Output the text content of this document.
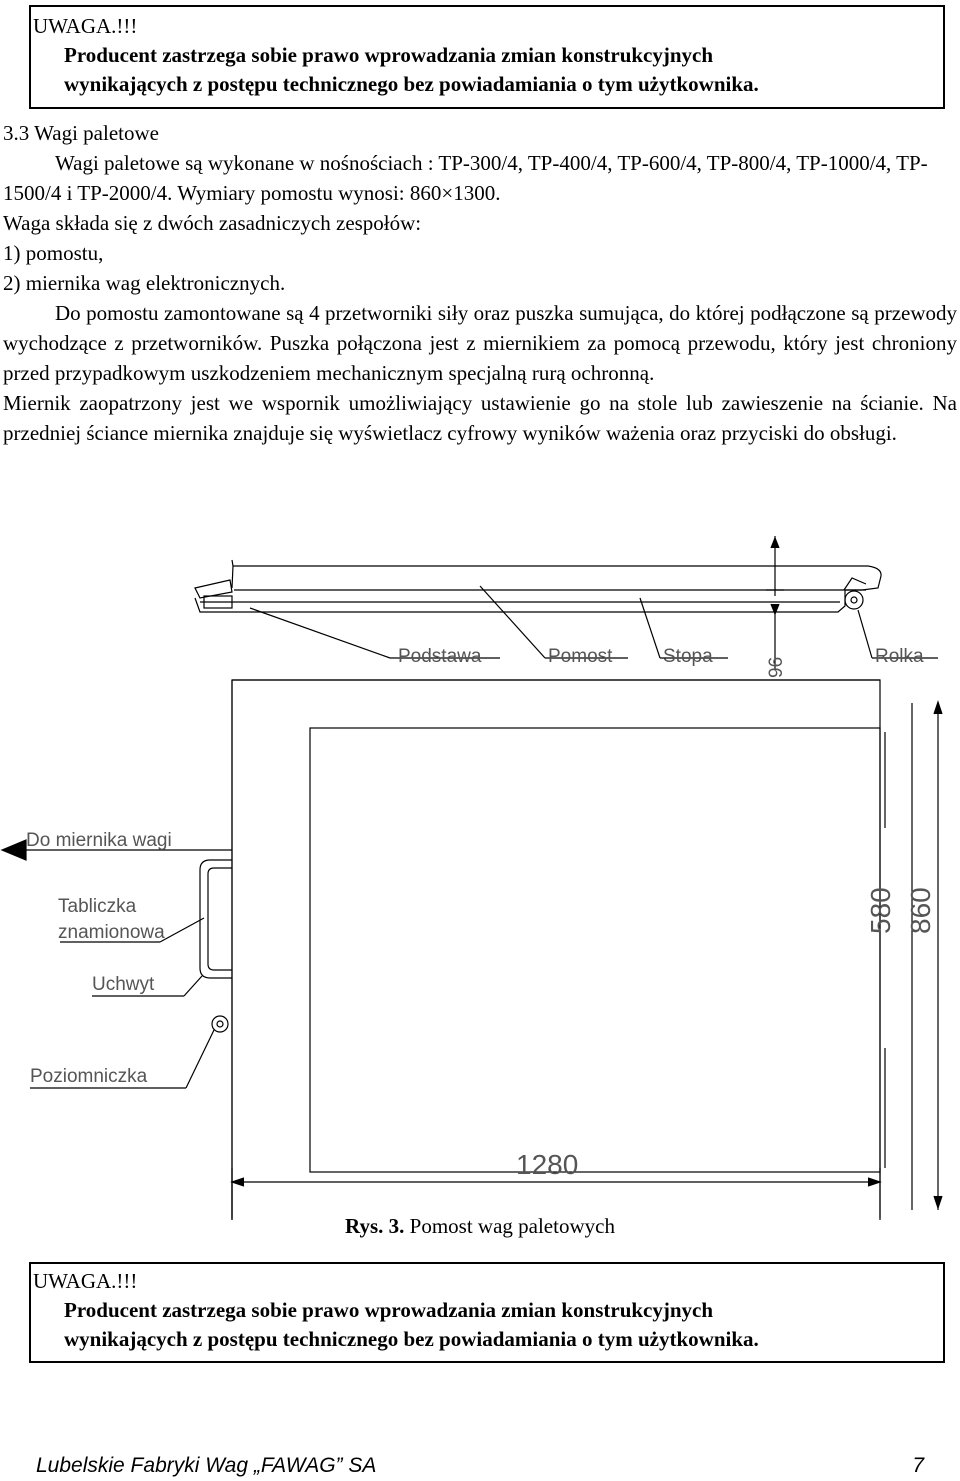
UWAGA.!!!
Producent zastrzega sobie prawo wprowadzania zmian konstrukcyjnych
wynikających z postępu technicznego bez powiadamiania o tym użytkownika.
3.3 Wagi paletowe

Wagi paletowe są wykonane w nośnościach : TP-300/4, TP-400/4, TP-600/4, TP-800/4, TP-1000/4, TP-1500/4 i TP-2000/4. Wymiary pomostu wynosi: 860×1300.

Waga składa się z dwóch zasadniczych zespołów:

1) pomostu,

2) miernika wag elektronicznych.

Do pomostu zamontowane są 4 przetworniki siły oraz puszka sumująca, do której podłączone są przewody wychodzące z przetworników. Puszka połączona jest z miernikiem za pomocą przewodu, który jest chroniony przed przypadkowym uszkodzeniem mechanicznym specjalną rurą ochronną.

Miernik zaopatrzony jest we wspornik umożliwiający ustawienie go na stole lub zawieszenie na ścianie. Na przedniej ściance miernika znajduje się wyświetlacz cyfrowy wyników ważenia oraz przyciski do obsługi.

Podstawa	Pomost	Stopa
96
Rolka
Do miernika wagi
Tabliczka
znamionowa
Uchwyt
Poziomniczka
580 860
1280
Rys. 3. Pomost wag paletowych
UWAGA.!!!
Producent zastrzega sobie prawo wprowadzania zmian konstrukcyjnych
wynikających z postępu technicznego bez powiadamiania o tym użytkownika.
Lubelskie Fabryki Wag „FAWAG” SA	7
